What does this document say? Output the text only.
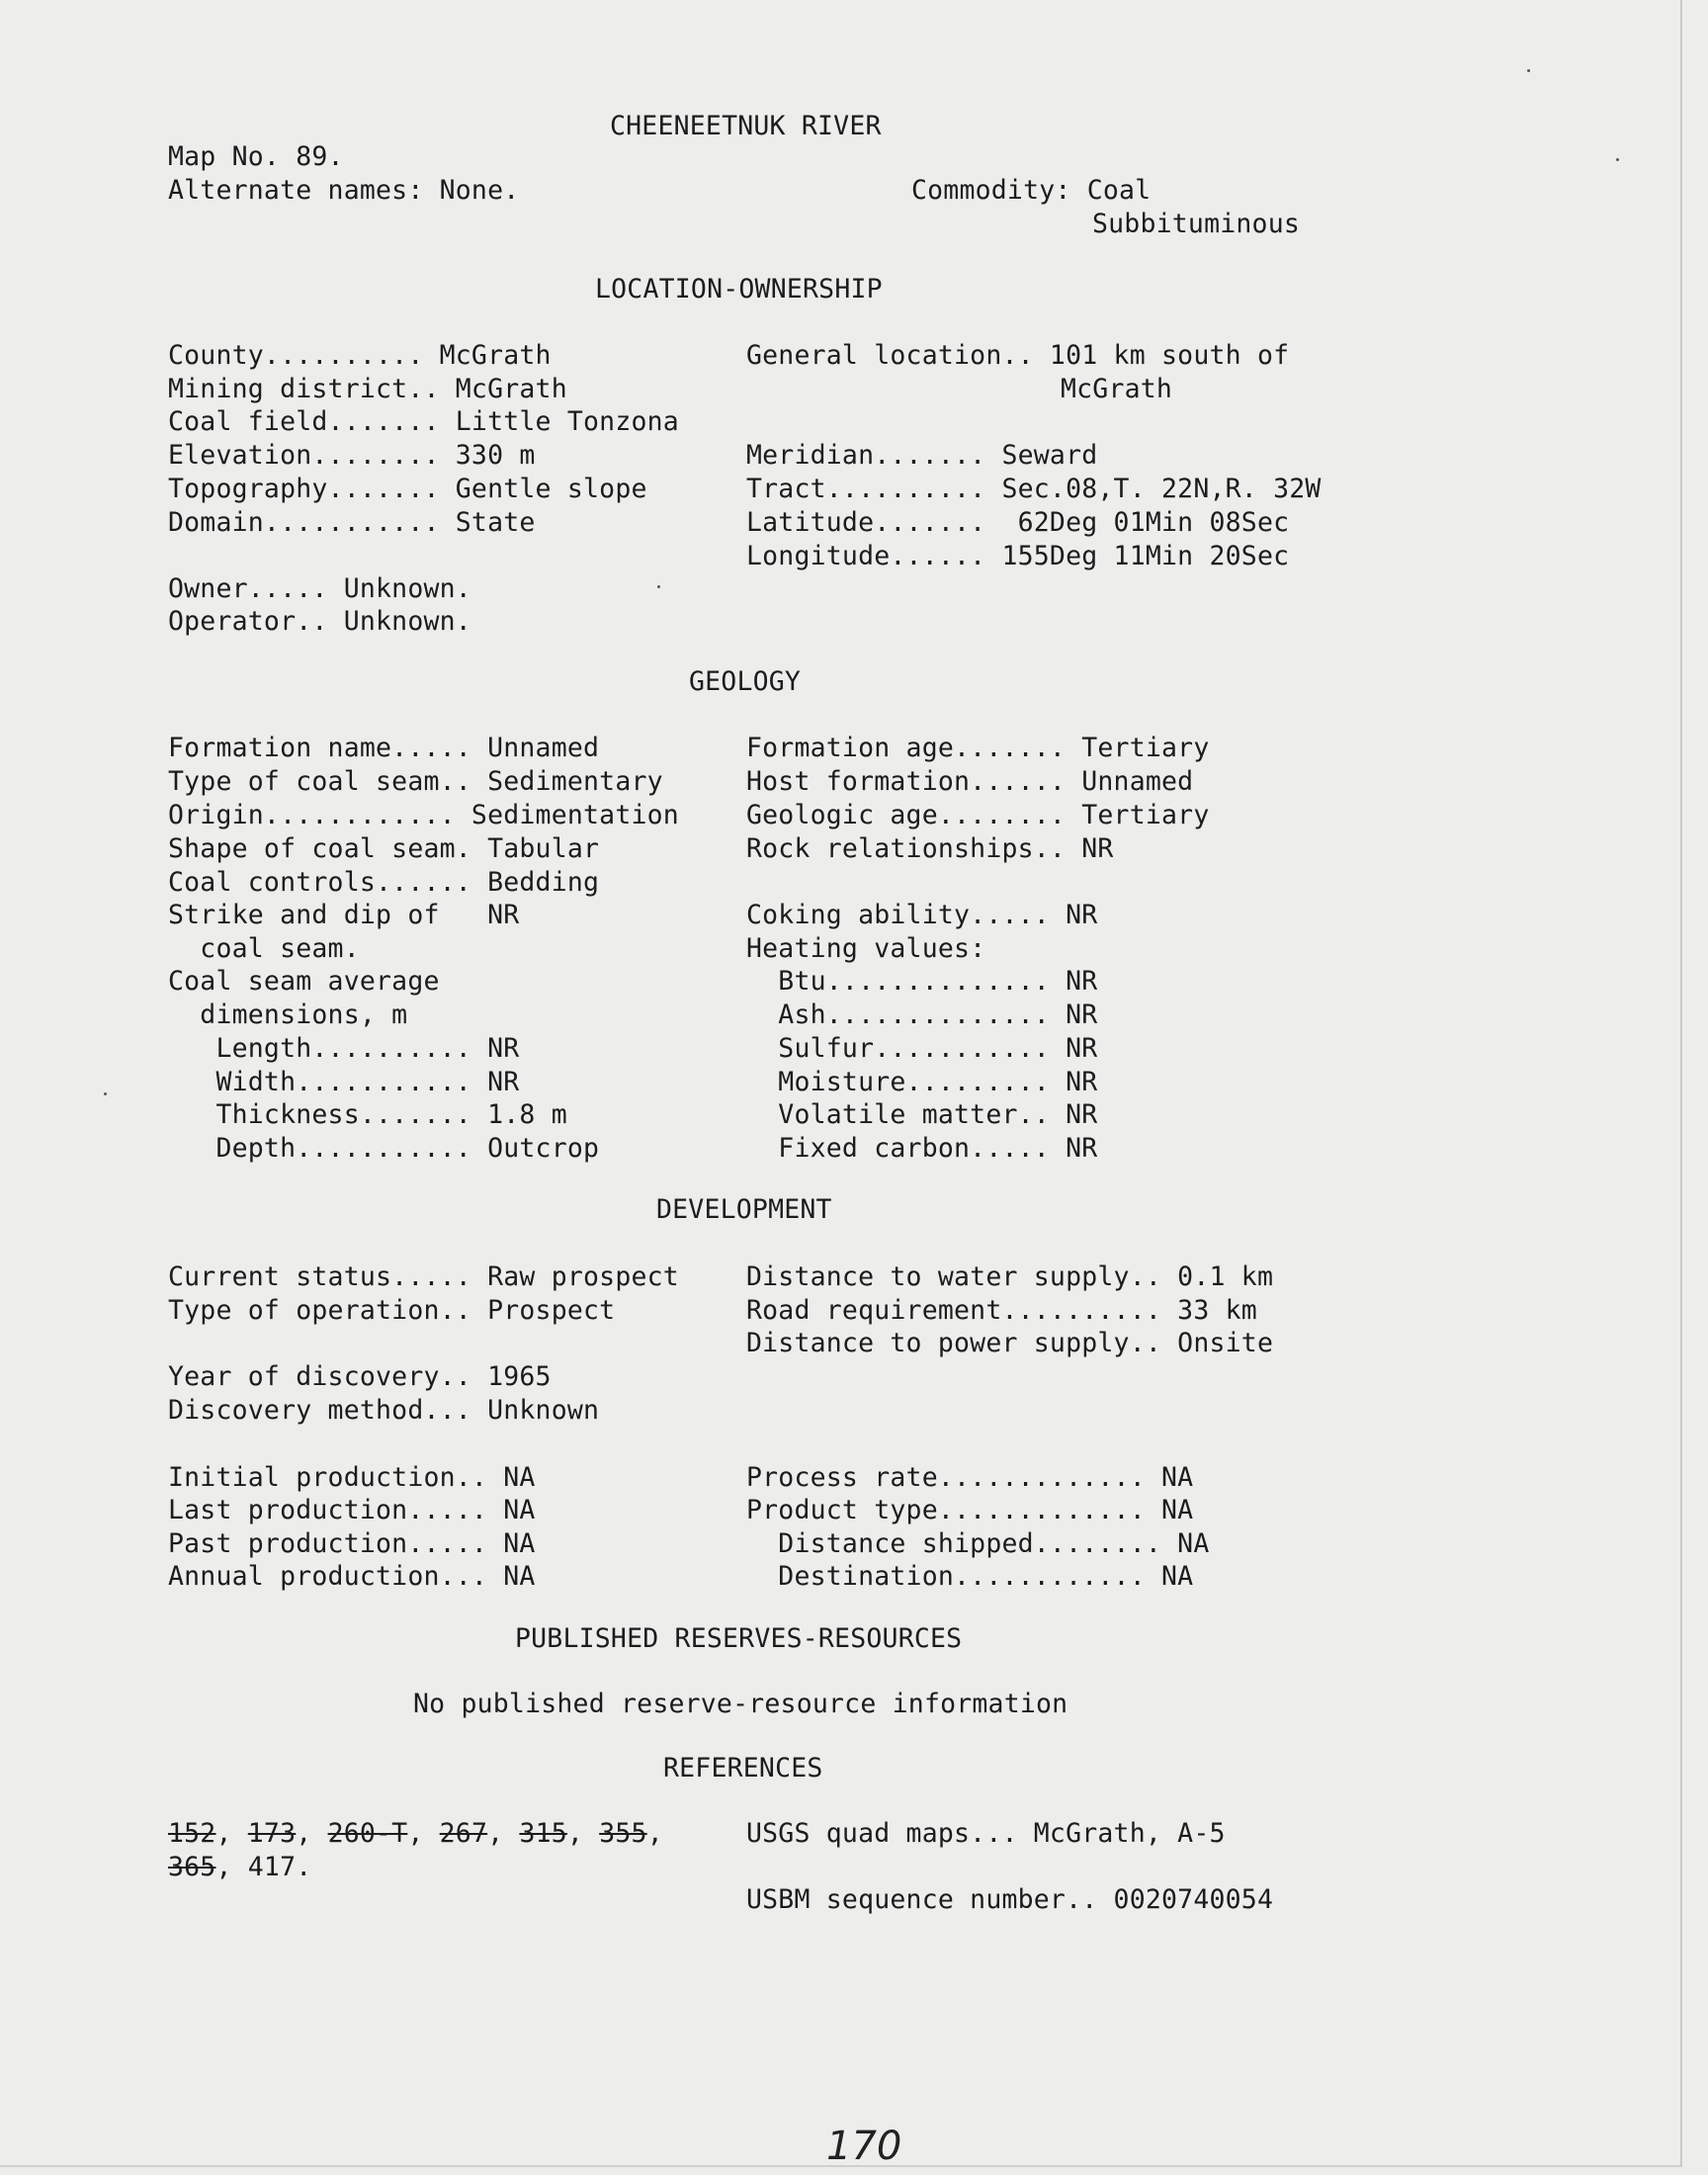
CHEENEETNUK RIVER
Map No. 89.
Alternate names: None.	Commodity: Coal
Subbituminous
LOCATION-OWNERSHIP
County.......... McGrath
Mining district.. McGrath
Coal field....... Little Tonzona
Elevation........ 330 m
Topography....... Gentle slope
Domain........... State
General location.. 101 km south of
McGrath
Meridian....... Seward
Tract.......... Sec.08,T. 22N,R. 32W
Latitude.......  62Deg 01Min 08Sec
Longitude...... 155Deg 11Min 20Sec
Owner..... Unknown.
Operator.. Unknown.
GEOLOGY
Formation name..... Unnamed
Type of coal seam.. Sedimentary
Origin............ Sedimentation
Shape of coal seam. Tabular
Coal controls...... Bedding
Strike and dip of   NR
coal seam.
Coal seam average
dimensions, m
Length.......... NR
Width........... NR
Thickness....... 1.8 m
Depth........... Outcrop
Formation age....... Tertiary
Host formation...... Unnamed
Geologic age........ Tertiary
Rock relationships.. NR
Coking ability..... NR
Heating values:
Btu.............. NR
Ash.............. NR
Sulfur........... NR
Moisture......... NR
Volatile matter.. NR
Fixed carbon..... NR
DEVELOPMENT
Current status..... Raw prospect
Type of operation.. Prospect
Distance to water supply.. 0.1 km
Road requirement.......... 33 km
Distance to power supply.. Onsite
Year of discovery.. 1965
Discovery method... Unknown
Initial production.. NA
Last production..... NA
Past production..... NA
Annual production... NA
Process rate............. NA
Product type............. NA
Distance shipped........ NA
Destination............ NA
PUBLISHED RESERVES-RESOURCES
No published reserve-resource information
REFERENCES
152, 173, 260-T, 267, 315, 355,
365, 417.
USGS quad maps... McGrath, A-5
USBM sequence number.. 0020740054
170
